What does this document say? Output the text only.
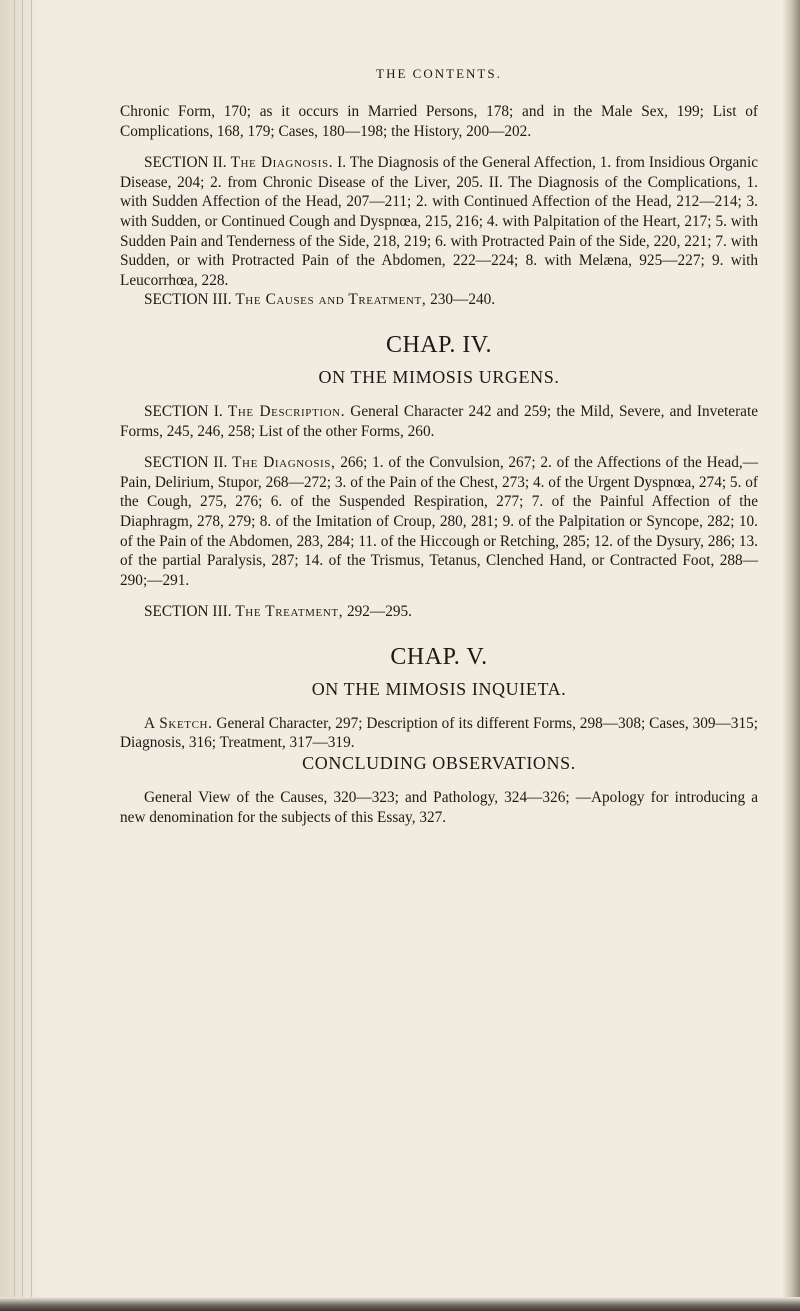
THE CONTENTS.

Chronic Form, 170; as it occurs in Married Persons, 178; and in the Male Sex, 199; List of Complications, 168, 179; Cases, 180—198; the History, 200—202.

SECTION II. The Diagnosis. I. The Diagnosis of the General Affection, 1. from Insidious Organic Disease, 204; 2. from Chronic Disease of the Liver, 205. II. The Diagnosis of the Complications, 1. with Sudden Affection of the Head, 207—211; 2. with Continued Affection of the Head, 212—214; 3. with Sudden, or Continued Cough and Dyspnœa, 215, 216; 4. with Palpitation of the Heart, 217; 5. with Sudden Pain and Tenderness of the Side, 218, 219; 6. with Protracted Pain of the Side, 220, 221; 7. with Sudden, or with Protracted Pain of the Abdomen, 222—224; 8. with Melæna, 925—227; 9. with Leucorrhœa, 228.

SECTION III. The Causes and Treatment, 230—240.

CHAP. IV.
ON THE MIMOSIS URGENS.

SECTION I. The Description. General Character 242 and 259; the Mild, Severe, and Inveterate Forms, 245, 246, 258; List of the other Forms, 260.

SECTION II. The Diagnosis, 266; 1. of the Convulsion, 267; 2. of the Affections of the Head,—Pain, Delirium, Stupor, 268—272; 3. of the Pain of the Chest, 273; 4. of the Urgent Dyspnœa, 274; 5. of the Cough, 275, 276; 6. of the Suspended Respiration, 277; 7. of the Painful Affection of the Diaphragm, 278, 279; 8. of the Imitation of Croup, 280, 281; 9. of the Palpitation or Syncope, 282; 10. of the Pain of the Abdomen, 283, 284; 11. of the Hiccough or Retching, 285; 12. of the Dysury, 286; 13. of the partial Paralysis, 287; 14. of the Trismus, Tetanus, Clenched Hand, or Contracted Foot, 288—290;—291.

SECTION III. The Treatment, 292—295.

CHAP. V.
ON THE MIMOSIS INQUIETA.

A Sketch. General Character, 297; Description of its different Forms, 298—308; Cases, 309—315; Diagnosis, 316; Treatment, 317—319.

CONCLUDING OBSERVATIONS.

General View of the Causes, 320—323; and Pathology, 324—326; —Apology for introducing a new denomination for the subjects of this Essay, 327.
